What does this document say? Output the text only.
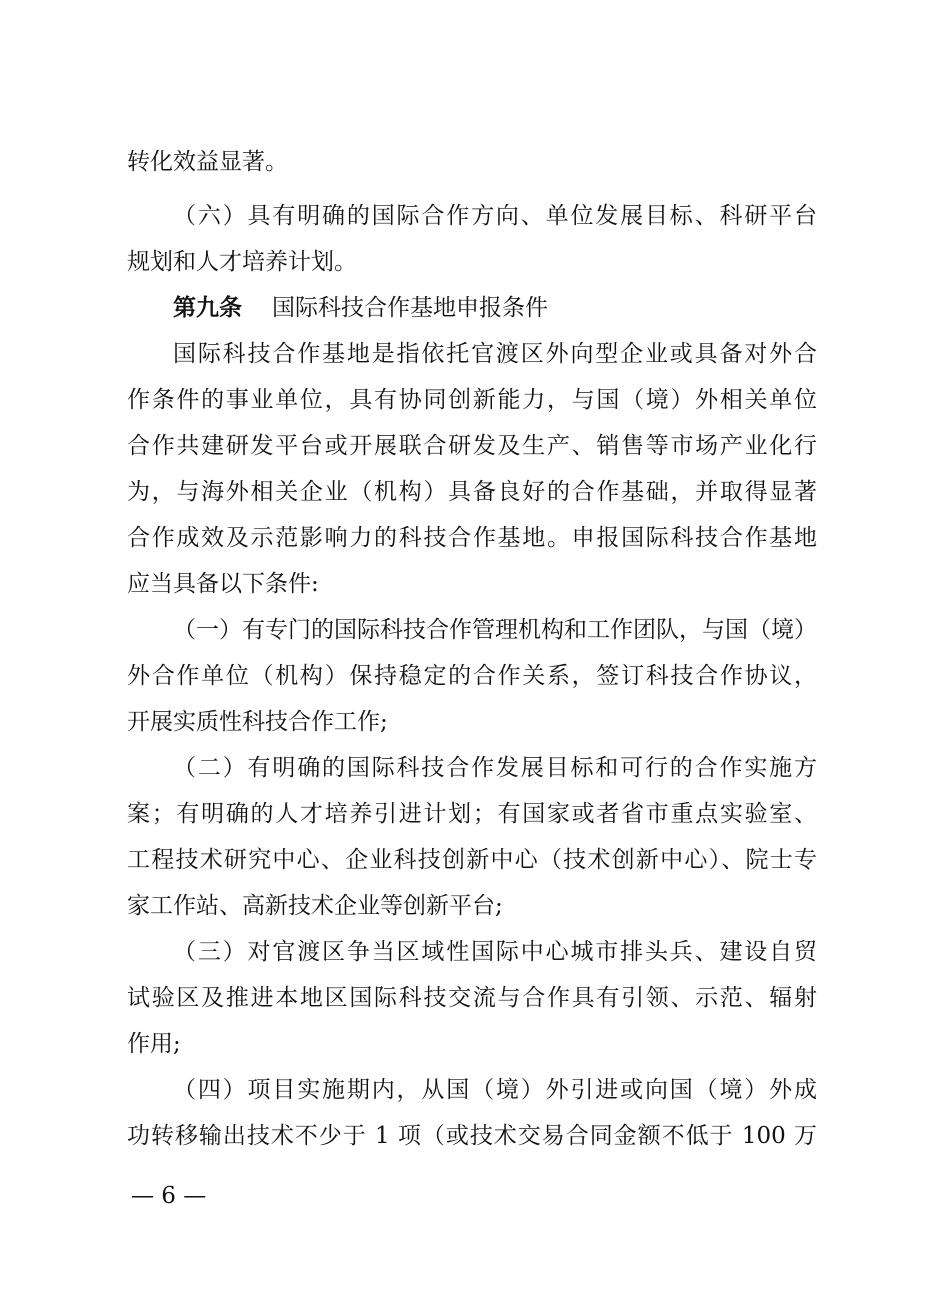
转化效益显著。
（六）具有明确的国际合作方向、单位发展目标、科研平台
规划和人才培养计划。
第九条 国际科技合作基地申报条件
国际科技合作基地是指依托官渡区外向型企业或具备对外合
作条件的事业单位，具有协同创新能力，与国（境）外相关单位
合作共建研发平台或开展联合研发及生产、销售等市场产业化行
为，与海外相关企业（机构）具备良好的合作基础，并取得显著
合作成效及示范影响力的科技合作基地。申报国际科技合作基地
应当具备以下条件:
（一）有专门的国际科技合作管理机构和工作团队，与国（境）
外合作单位（机构）保持稳定的合作关系，签订科技合作协议，
开展实质性科技合作工作;
（二）有明确的国际科技合作发展目标和可行的合作实施方
案；有明确的人才培养引进计划；有国家或者省市重点实验室、
工程技术研究中心、企业科技创新中心（技术创新中心）、院士专
家工作站、高新技术企业等创新平台;
（三）对官渡区争当区域性国际中心城市排头兵、建设自贸
试验区及推进本地区国际科技交流与合作具有引领、示范、辐射
作用;
（四）项目实施期内，从国（境）外引进或向国（境）外成
功转移输出技术不少于 1 项（或技术交易合同金额不低于 100 万
— 6 —
